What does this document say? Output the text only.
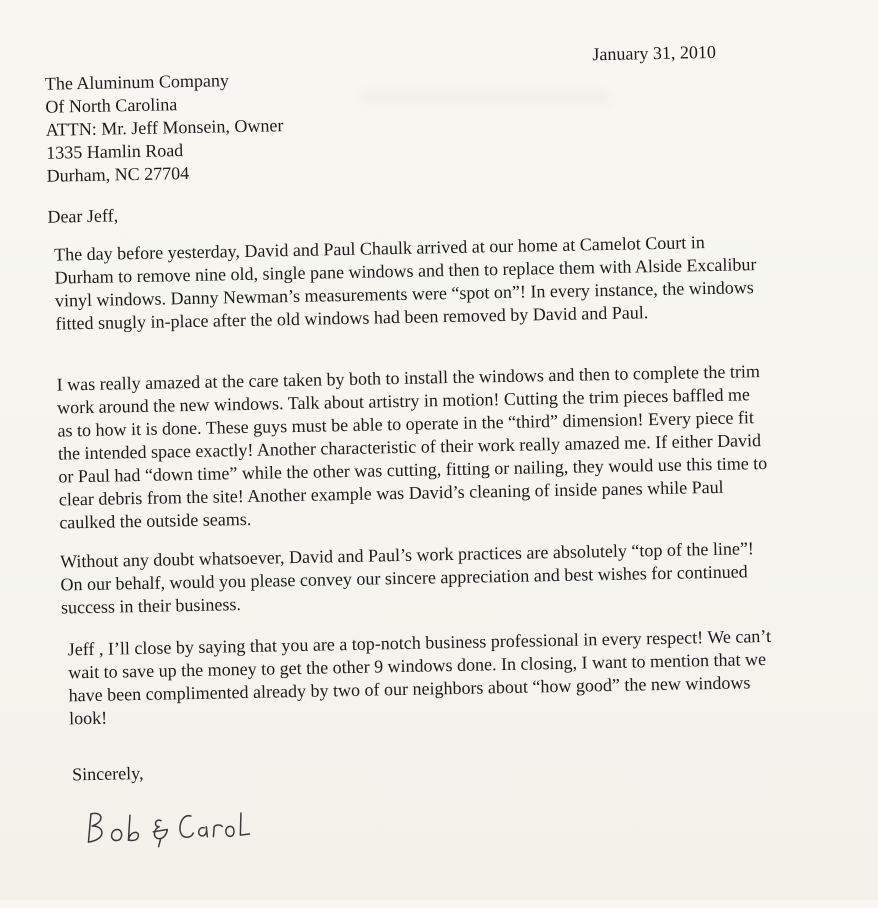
January 31, 2010
The Aluminum Company
Of North Carolina
ATTN: Mr. Jeff Monsein, Owner
1335 Hamlin Road
Durham, NC 27704
Dear Jeff,
The day before yesterday, David and Paul Chaulk arrived at our home at Camelot Court in Durham to remove nine old, single pane windows and then to replace them with Alside Excalibur vinyl windows. Danny Newman’s measurements were “spot on”! In every instance, the windows fitted snugly in-place after the old windows had been removed by David and Paul.
I was really amazed at the care taken by both to install the windows and then to complete the trim work around the new windows. Talk about artistry in motion! Cutting the trim pieces baffled me as to how it is done. These guys must be able to operate in the “third” dimension! Every piece fit the intended space exactly! Another characteristic of their work really amazed me. If either David or Paul had “down time” while the other was cutting, fitting or nailing, they would use this time to clear debris from the site! Another example was David’s cleaning of inside panes while Paul caulked the outside seams.
Without any doubt whatsoever, David and Paul’s work practices are absolutely “top of the line”! On our behalf, would you please convey our sincere appreciation and best wishes for continued success in their business.
Jeff , I’ll close by saying that you are a top-notch business professional in every respect! We can’t wait to save up the money to get the other 9 windows done. In closing, I want to mention that we have been complimented already by two of our neighbors about “how good” the new windows look!
Sincerely,
